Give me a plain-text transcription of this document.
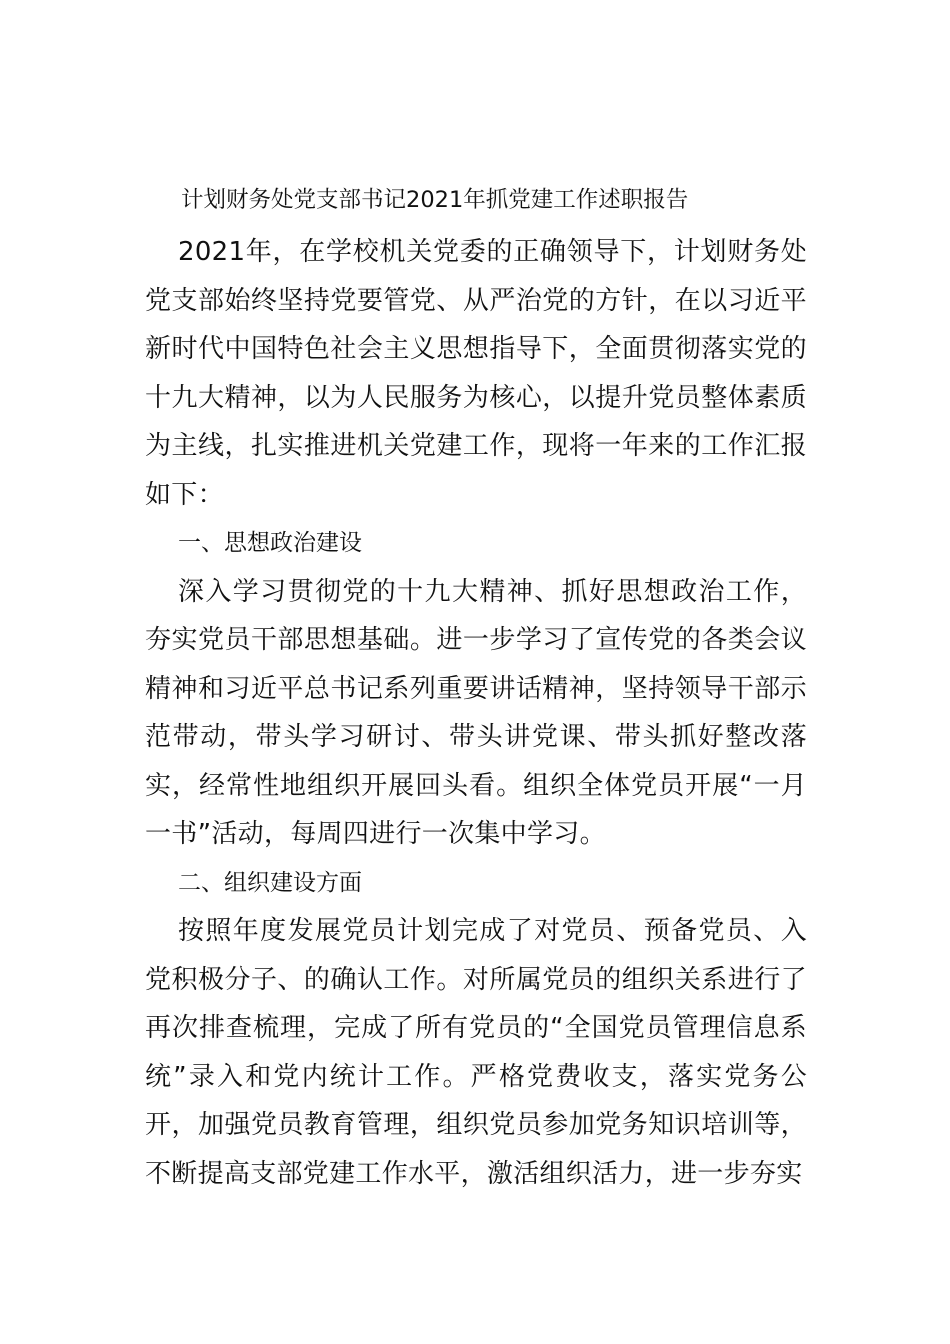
计划财务处党支部书记2021年抓党建工作述职报告

2021年，在学校机关党委的正确领导下，计划财务处党支部始终坚持党要管党、从严治党的方针，在以习近平新时代中国特色社会主义思想指导下，全面贯彻落实党的十九大精神，以为人民服务为核心，以提升党员整体素质为主线，扎实推进机关党建工作，现将一年来的工作汇报如下：

一、思想政治建设

深入学习贯彻党的十九大精神、抓好思想政治工作，夯实党员干部思想基础。进一步学习了宣传党的各类会议精神和习近平总书记系列重要讲话精神，坚持领导干部示范带动，带头学习研讨、带头讲党课、带头抓好整改落实，经常性地组织开展回头看。组织全体党员开展“一月一书”活动，每周四进行一次集中学习。

二、组织建设方面

按照年度发展党员计划完成了对党员、预备党员、入党积极分子、的确认工作。对所属党员的组织关系进行了再次排查梳理，完成了所有党员的“全国党员管理信息系统”录入和党内统计工作。严格党费收支，落实党务公开，加强党员教育管理，组织党员参加党务知识培训等，不断提高支部党建工作水平，激活组织活力，进一步夯实
